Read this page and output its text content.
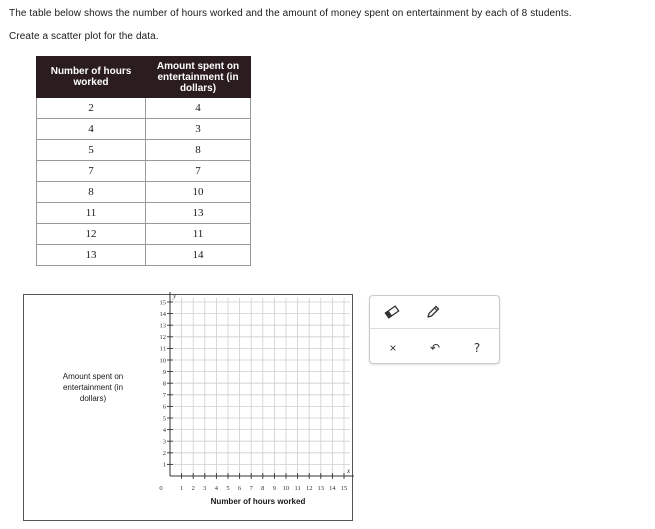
The table below shows the number of hours worked and the amount of money spent on entertainment by each of 8 students.
Create a scatter plot for the data.
Number of hours worked	Amount spent on entertainment (in dollars)
2	4
4	3
5	8
7	7
8	10
11	13
12	11
13	14
Amount spent on entertainment (in dollars)
Number of hours worked
1 2 3 4 5 6 7 8 9 10 11 12 13 14 15
1
2
3
4
5
6
7
8
9
10
11
12
13
14
15
0
x
y
×	↶	?
